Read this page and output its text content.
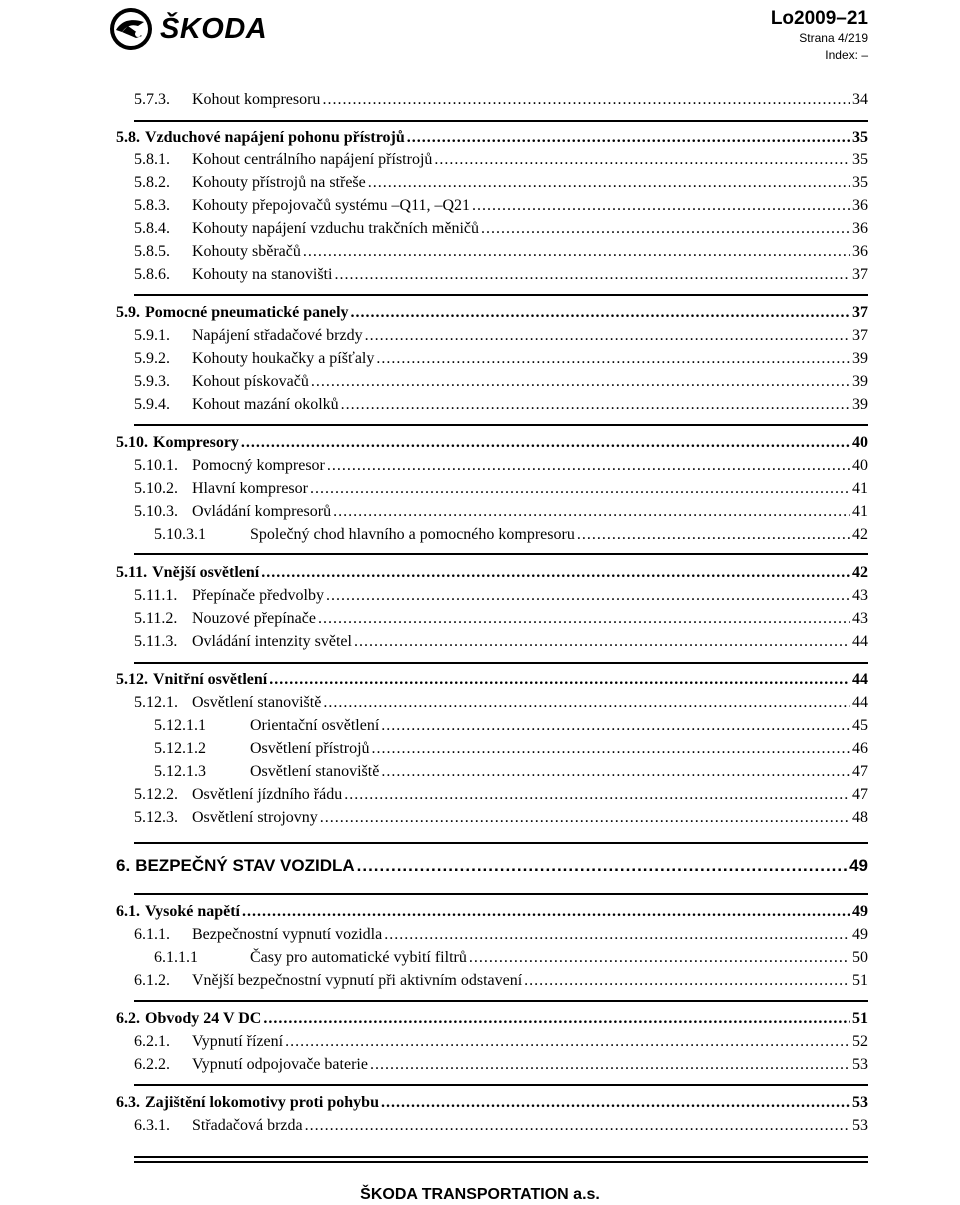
ŠKODA	Lo2009–21
Strana 4/219
Index: –
5.7.3.	Kohout kompresoru .....	34
5.8. Vzduchové napájení pohonu přístrojů .....	35
5.8.1.	Kohout centrálního napájení přístrojů .....	35
5.8.2.	Kohouty přístrojů na střeše .....	35
5.8.3.	Kohouty přepojovačů systému –Q11, –Q21 .....	36
5.8.4.	Kohouty napájení vzduchu trakčních měničů .....	36
5.8.5.	Kohouty sběračů .....	36
5.8.6.	Kohouty na stanovišti .....	37
5.9. Pomocné pneumatické panely .....	37
5.9.1.	Napájení střadačové brzdy .....	37
5.9.2.	Kohouty houkačky a píšťaly .....	39
5.9.3.	Kohout pískovačů .....	39
5.9.4.	Kohout mazání okolků .....	39
5.10. Kompresory .....	40
5.10.1. Pomocný kompresor .....	40
5.10.2. Hlavní kompresor .....	41
5.10.3. Ovládání kompresorů .....	41
5.10.3.1	Společný chod hlavního a pomocného kompresoru .....	42
5.11. Vnější osvětlení .....	42
5.11.1. Přepínače předvolby .....	43
5.11.2. Nouzové přepínače .....	43
5.11.3. Ovládání intenzity světel .....	44
5.12. Vnitřní osvětlení .....	44
5.12.1. Osvětlení stanoviště .....	44
5.12.1.1	Orientační osvětlení .....	45
5.12.1.2	Osvětlení přístrojů .....	46
5.12.1.3	Osvětlení stanoviště .....	47
5.12.2. Osvětlení jízdního řádu .....	47
5.12.3. Osvětlení strojovny .....	48
6. BEZPEČNÝ STAV VOZIDLA .....	49
6.1. Vysoké napětí .....	49
6.1.1.	Bezpečnostní vypnutí vozidla .....	49
6.1.1.1	Časy pro automatické vybití filtrů .....	50
6.1.2.	Vnější bezpečnostní vypnutí při aktivním odstavení .....	51
6.2. Obvody 24 V DC .....	51
6.2.1.	Vypnutí řízení .....	52
6.2.2.	Vypnutí odpojovače baterie .....	53
6.3. Zajištění lokomotivy proti pohybu .....	53
6.3.1.	Střadačová brzda .....	53
ŠKODA TRANSPORTATION a.s.
